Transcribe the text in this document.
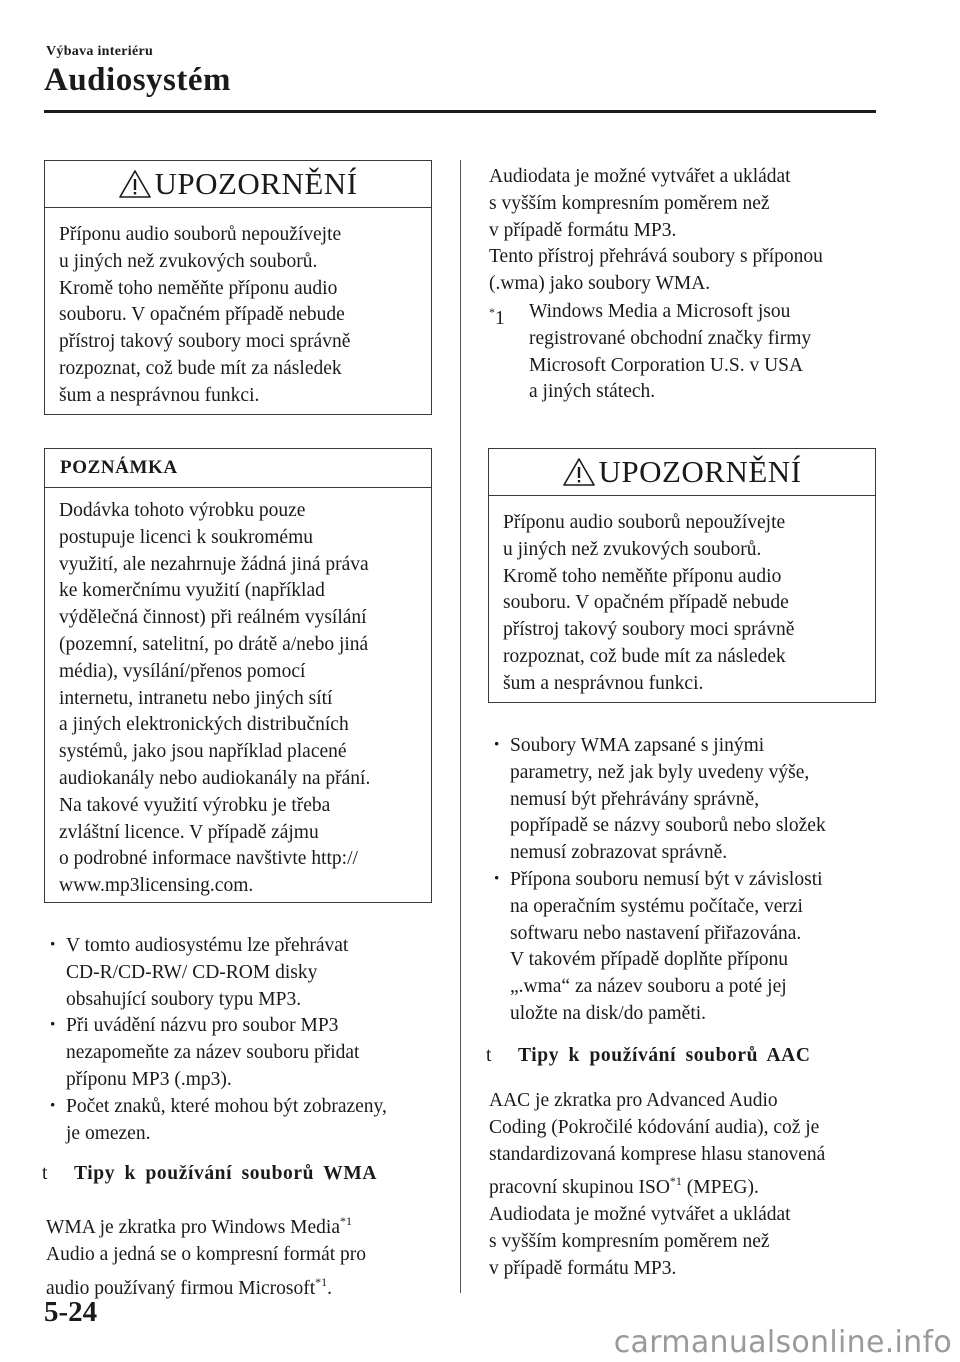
Výbava interiéru
Audiosystém
UPOZORNĚNÍ
Příponu audio souborů nepoužívejte
u jiných než zvukových souborů.
Kromě toho neměňte příponu audio
souboru. V opačném případě nebude
přístroj takový soubory moci správně
rozpoznat, což bude mít za následek
šum a nesprávnou funkci.
POZNÁMKA
Dodávka tohoto výrobku pouze
postupuje licenci k soukromému
využití, ale nezahrnuje žádná jiná práva
ke komerčnímu využití (například
výdělečná činnost) při reálném vysílání
(pozemní, satelitní, po drátě a/nebo jiná
média), vysílání/přenos pomocí
internetu, intranetu nebo jiných sítí
a jiných elektronických distribučních
systémů, jako jsou například placené
audiokanály nebo audiokanály na přání.
Na takové využití výrobku je třeba
zvláštní licence. V případě zájmu
o podrobné informace navštivte http://
www.mp3licensing.com.
· V tomto audiosystému lze přehrávat
CD-R/CD-RW/ CD-ROM disky
obsahující soubory typu MP3.
· Při uvádění názvu pro soubor MP3
nezapomeňte za název souboru přidat
příponu MP3 (.mp3).
· Počet znaků, které mohou být zobrazeny,
je omezen.
t	Tipy k používání souborů WMA
WMA je zkratka pro Windows Media$^{*1}$
Audio a jedná se o kompresní formát pro
audio používaný firmou Microsoft$^{*1}$.
Audiodata je možné vytvářet a ukládat
s vyšším kompresním poměrem než
v případě formátu MP3.
Tento přístroj přehrává soubory s příponou
(.wma) jako soubory WMA.
*1	Windows Media a Microsoft jsou
registrované obchodní značky firmy
Microsoft Corporation U.S. v USA
a jiných státech.
UPOZORNĚNÍ
Příponu audio souborů nepoužívejte
u jiných než zvukových souborů.
Kromě toho neměňte příponu audio
souboru. V opačném případě nebude
přístroj takový soubory moci správně
rozpoznat, což bude mít za následek
šum a nesprávnou funkci.
· Soubory WMA zapsané s jinými
parametry, než jak byly uvedeny výše,
nemusí být přehrávány správně,
popřípadě se názvy souborů nebo složek
nemusí zobrazovat správně.
· Přípona souboru nemusí být v závislosti
na operačním systému počítače, verzi
softwaru nebo nastavení přiřazována.
V takovém případě doplňte příponu
„.wma“ za název souboru a poté jej
uložte na disk/do paměti.
t	Tipy k používání souborů AAC
AAC je zkratka pro Advanced Audio
Coding (Pokročilé kódování audia), což je
standardizovaná komprese hlasu stanovená
pracovní skupinou ISO$^{*1}$ (MPEG).
Audiodata je možné vytvářet a ukládat
s vyšším kompresním poměrem než
v případě formátu MP3.
5-24
carmanualsonline.info
